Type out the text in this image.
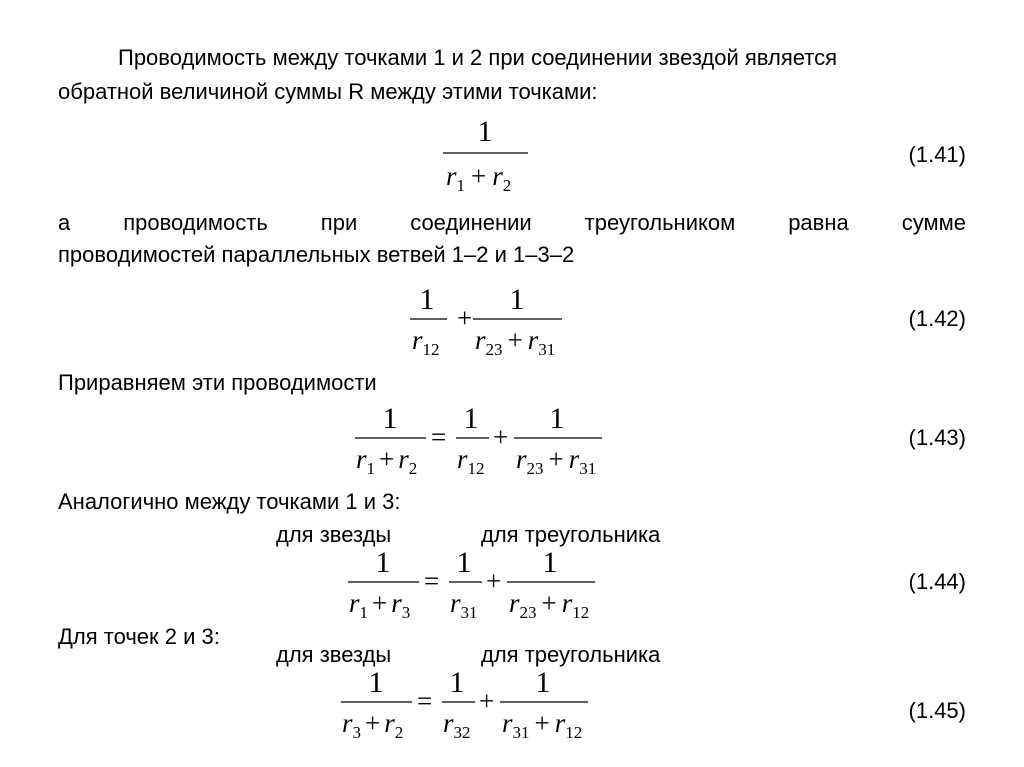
Проводимость между точками 1 и 2 при соединении звездой является
обратной величиной суммы R между этими точками:
1
$r_1 + r_2$
(1.41)
а проводимость при соединении треугольником равна сумме
проводимостей параллельных ветвей 1–2 и 1–3–2
1
$r_{12}$
+
1
$r_{23} + r_{31}$
(1.42)
Приравняем эти проводимости
1
$r_1 + r_2$
=
1
$r_{12}$
+
1
$r_{23} + r_{31}$
(1.43)
Аналогично между точками 1 и 3:
для звезды	для треугольника
1
$r_1 + r_3$
=
1
$r_{31}$
+
1
$r_{23} + r_{12}$
(1.44)
Для точек 2 и 3:
для звезды	для треугольника
1
$r_3 + r_2$
=
1
$r_{32}$
+
1
$r_{31} + r_{12}$
(1.45)
